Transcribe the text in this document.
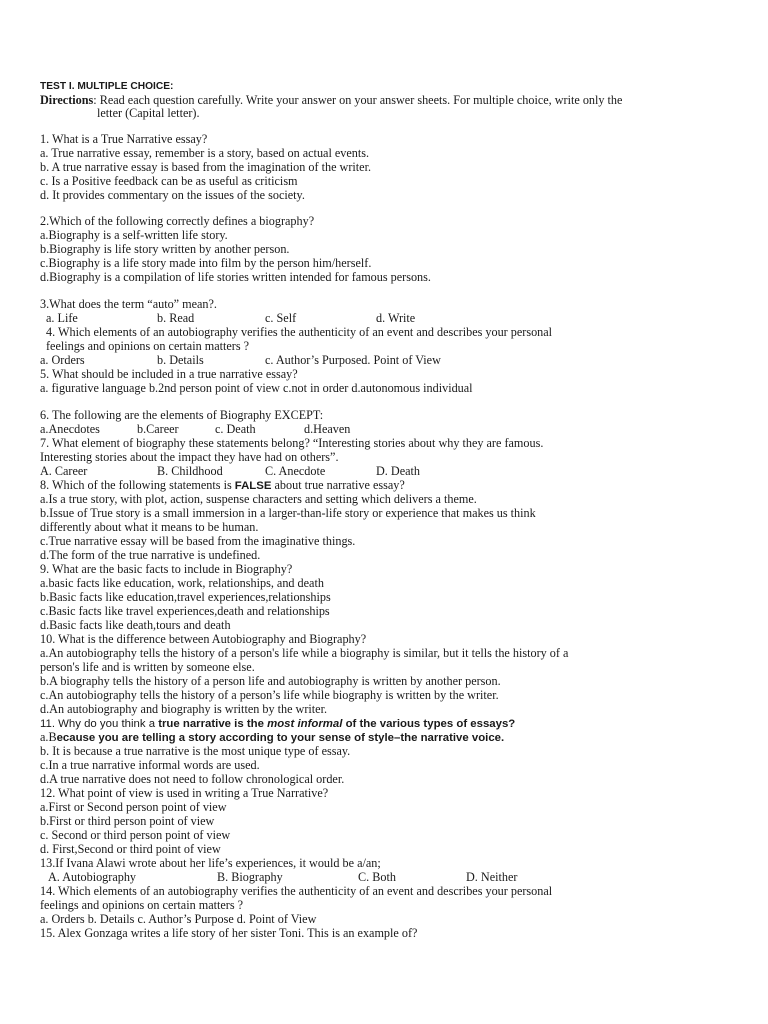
TEST I. MULTIPLE CHOICE:
Directions: Read each question carefully. Write your answer on your answer sheets. For multiple choice, write only the
letter (Capital letter).
1. What is a True Narrative essay?
a. True narrative essay, remember is a story, based on actual events.
b. A true narrative essay is based from the imagination of the writer.
c. Is a Positive feedback can be as useful as criticism
d. It provides commentary on the issues of the society.
2.Which of the following correctly defines a biography?
a.Biography is a self-written life story.
b.Biography is life story written by another person.
c.Biography is a life story made into film by the person him/herself.
d.Biography is a compilation of life stories written intended for famous persons.
3.What does the term “auto” mean?.
a. Life	b. Read	c. Self	d. Write
4. Which elements of an autobiography verifies the authenticity of an event and describes your personal
feelings and opinions on certain matters ?
a. Orders	b. Details	c. Author’s Purposed. Point of View
5. What should be included in a true narrative essay?
a. figurative language b.2nd person point of view c.not in order d.autonomous individual
6. The following are the elements of Biography EXCEPT:
a.Anecdotes	b.Career	c. Death	d.Heaven
7. What element of biography these statements belong? “Interesting stories about why they are famous.
Interesting stories about the impact they have had on others”.
A. Career	B. Childhood	C. Anecdote	D. Death
8. Which of the following statements is FALSE about true narrative essay?
a.Is a true story, with plot, action, suspense characters and setting which delivers a theme.
b.Issue of True story is a small immersion in a larger-than-life story or experience that makes us think
differently about what it means to be human.
c.True narrative essay will be based from the imaginative things.
d.The form of the true narrative is undefined.
9. What are the basic facts to include in Biography?
a.basic facts like education, work, relationships, and death
b.Basic facts like education,travel experiences,relationships
c.Basic facts like travel experiences,death and relationships
d.Basic facts like death,tours and death
10. What is the difference between Autobiography and Biography?
a.An autobiography tells the history of a person's life while a biography is similar, but it tells the history of a
person's life and is written by someone else.
b.A biography tells the history of a person life and autobiography is written by another person.
c.An autobiography tells the history of a person’s life while biography is written by the writer.
d.An autobiography and biography is written by the writer.
11. Why do you think a true narrative is the most informal of the various types of essays?
a.Because you are telling a story according to your sense of style–the narrative voice.
b. It is because a true narrative is the most unique type of essay.
c.In a true narrative informal words are used.
d.A true narrative does not need to follow chronological order.
12. What point of view is used in writing a True Narrative?
a.First or Second person point of view
b.First or third person point of view
c. Second or third person point of view
d. First,Second or third point of view
13.If Ivana Alawi wrote about her life’s experiences, it would be a/an;
A. Autobiography	B. Biography	C. Both	D. Neither
14. Which elements of an autobiography verifies the authenticity of an event and describes your personal
feelings and opinions on certain matters ?
a. Orders b. Details c. Author’s Purpose d. Point of View
15. Alex Gonzaga writes a life story of her sister Toni. This is an example of?
